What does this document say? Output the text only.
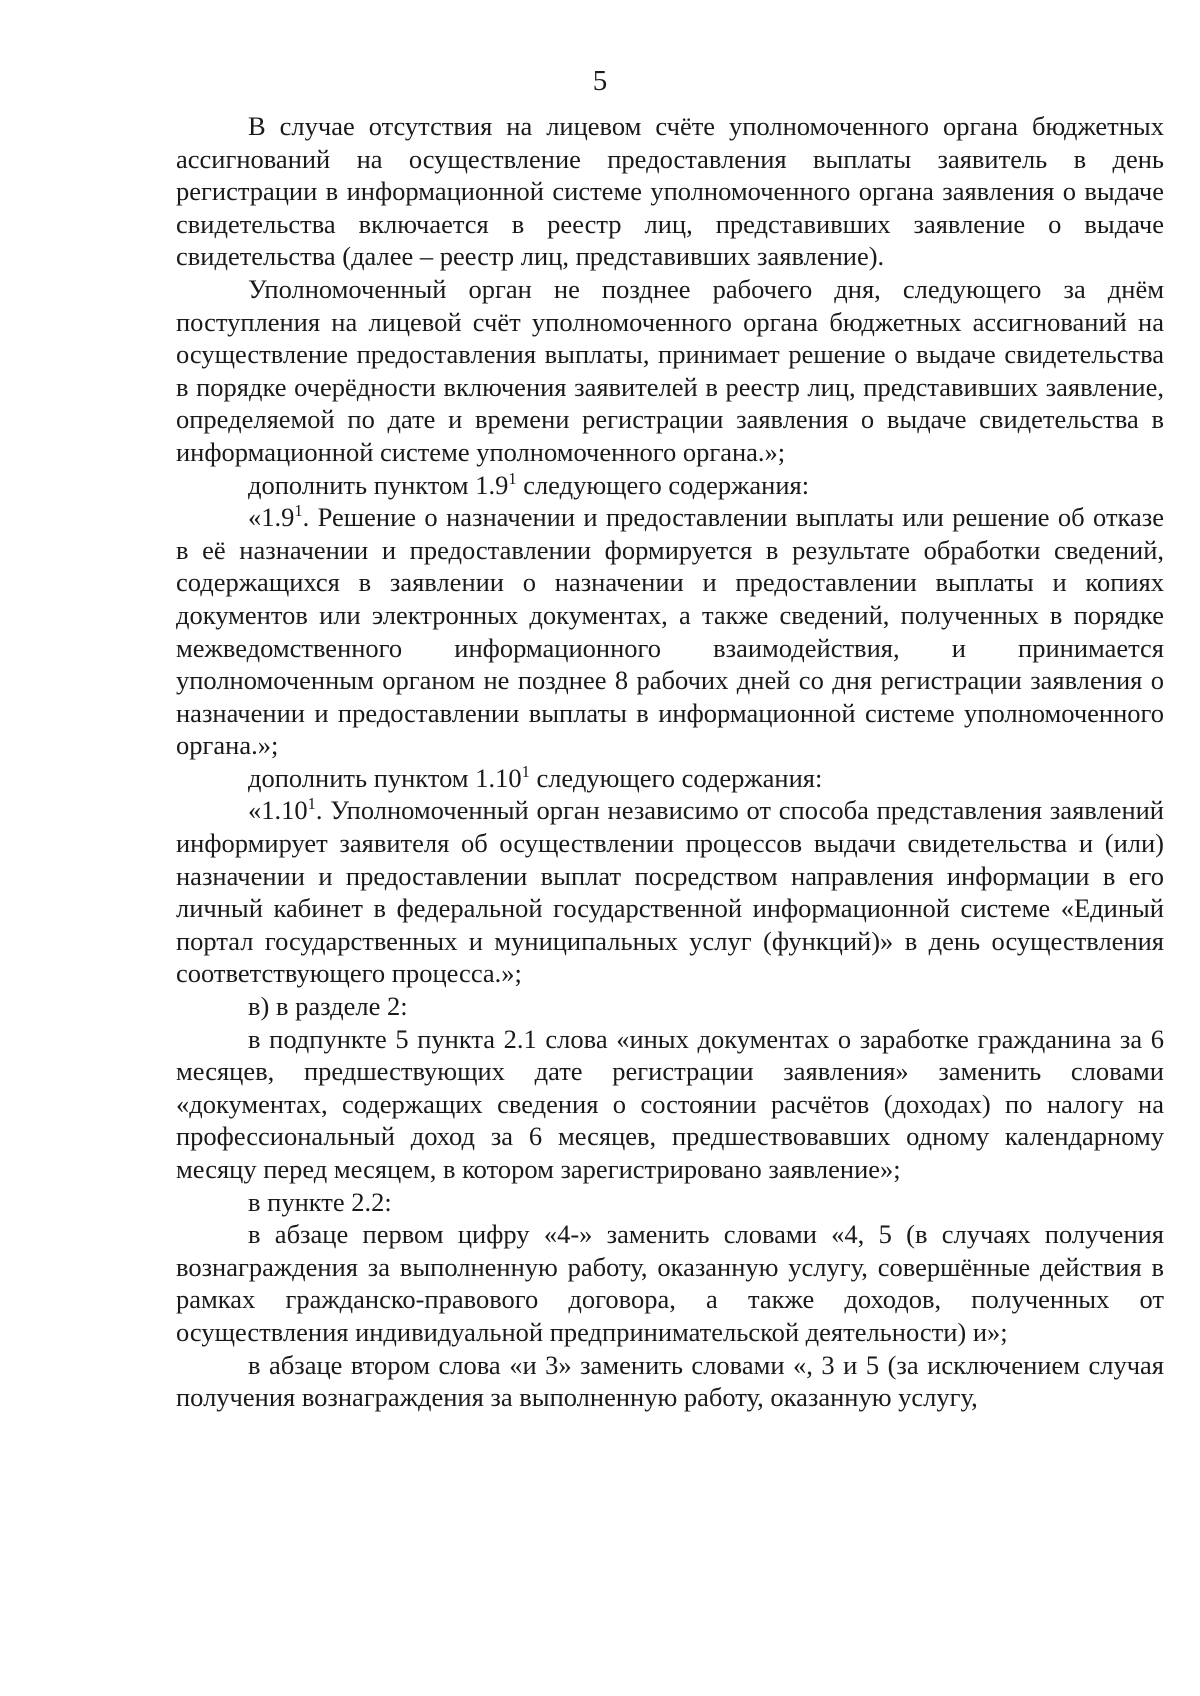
5

В случае отсутствия на лицевом счёте уполномоченного органа бюджетных ассигнований на осуществление предоставления выплаты заявитель в день регистрации в информационной системе уполномоченного органа заявления о выдаче свидетельства включается в реестр лиц, представивших заявление о выдаче свидетельства (далее – реестр лиц, представивших заявление).

Уполномоченный орган не позднее рабочего дня, следующего за днём поступления на лицевой счёт уполномоченного органа бюджетных ассигнований на осуществление предоставления выплаты, принимает решение о выдаче свидетельства в порядке очерёдности включения заявителей в реестр лиц, представивших заявление, определяемой по дате и времени регистрации заявления о выдаче свидетельства в информационной системе уполномоченного органа.»;

дополнить пунктом $1.9^1$ следующего содержания:

«$1.9^1$. Решение о назначении и предоставлении выплаты или решение об отказе в её назначении и предоставлении формируется в результате обработки сведений, содержащихся в заявлении о назначении и предоставлении выплаты и копиях документов или электронных документах, а также сведений, полученных в порядке межведомственного информационного взаимодействия, и принимается уполномоченным органом не позднее 8 рабочих дней со дня регистрации заявления о назначении и предоставлении выплаты в информационной системе уполномоченного органа.»;

дополнить пунктом 1.10$^1$ следующего содержания:

«1.10$^1$. Уполномоченный орган независимо от способа представления заявлений информирует заявителя об осуществлении процессов выдачи свидетельства и (или) назначении и предоставлении выплат посредством направления информации в его личный кабинет в федеральной государственной информационной системе «Единый портал государственных и муниципальных услуг (функций)» в день осуществления соответствующего процесса.»;

в) в разделе 2:

в подпункте 5 пункта 2.1 слова «иных документах о заработке гражданина за 6 месяцев, предшествующих дате регистрации заявления» заменить словами «документах, содержащих сведения о состоянии расчётов (доходах) по налогу на профессиональный доход за 6 месяцев, предшествовавших одному календарному месяцу перед месяцем, в котором зарегистрировано заявление»;

в пункте 2.2:

в абзаце первом цифру «4-» заменить словами «4, 5 (в случаях получения вознаграждения за выполненную работу, оказанную услугу, совершённые действия в рамках гражданско-правового договора, а также доходов, полученных от осуществления индивидуальной предпринимательской деятельности) и»;

в абзаце втором слова «и 3» заменить словами «, 3 и 5 (за исключением случая получения вознаграждения за выполненную работу, оказанную услугу,
